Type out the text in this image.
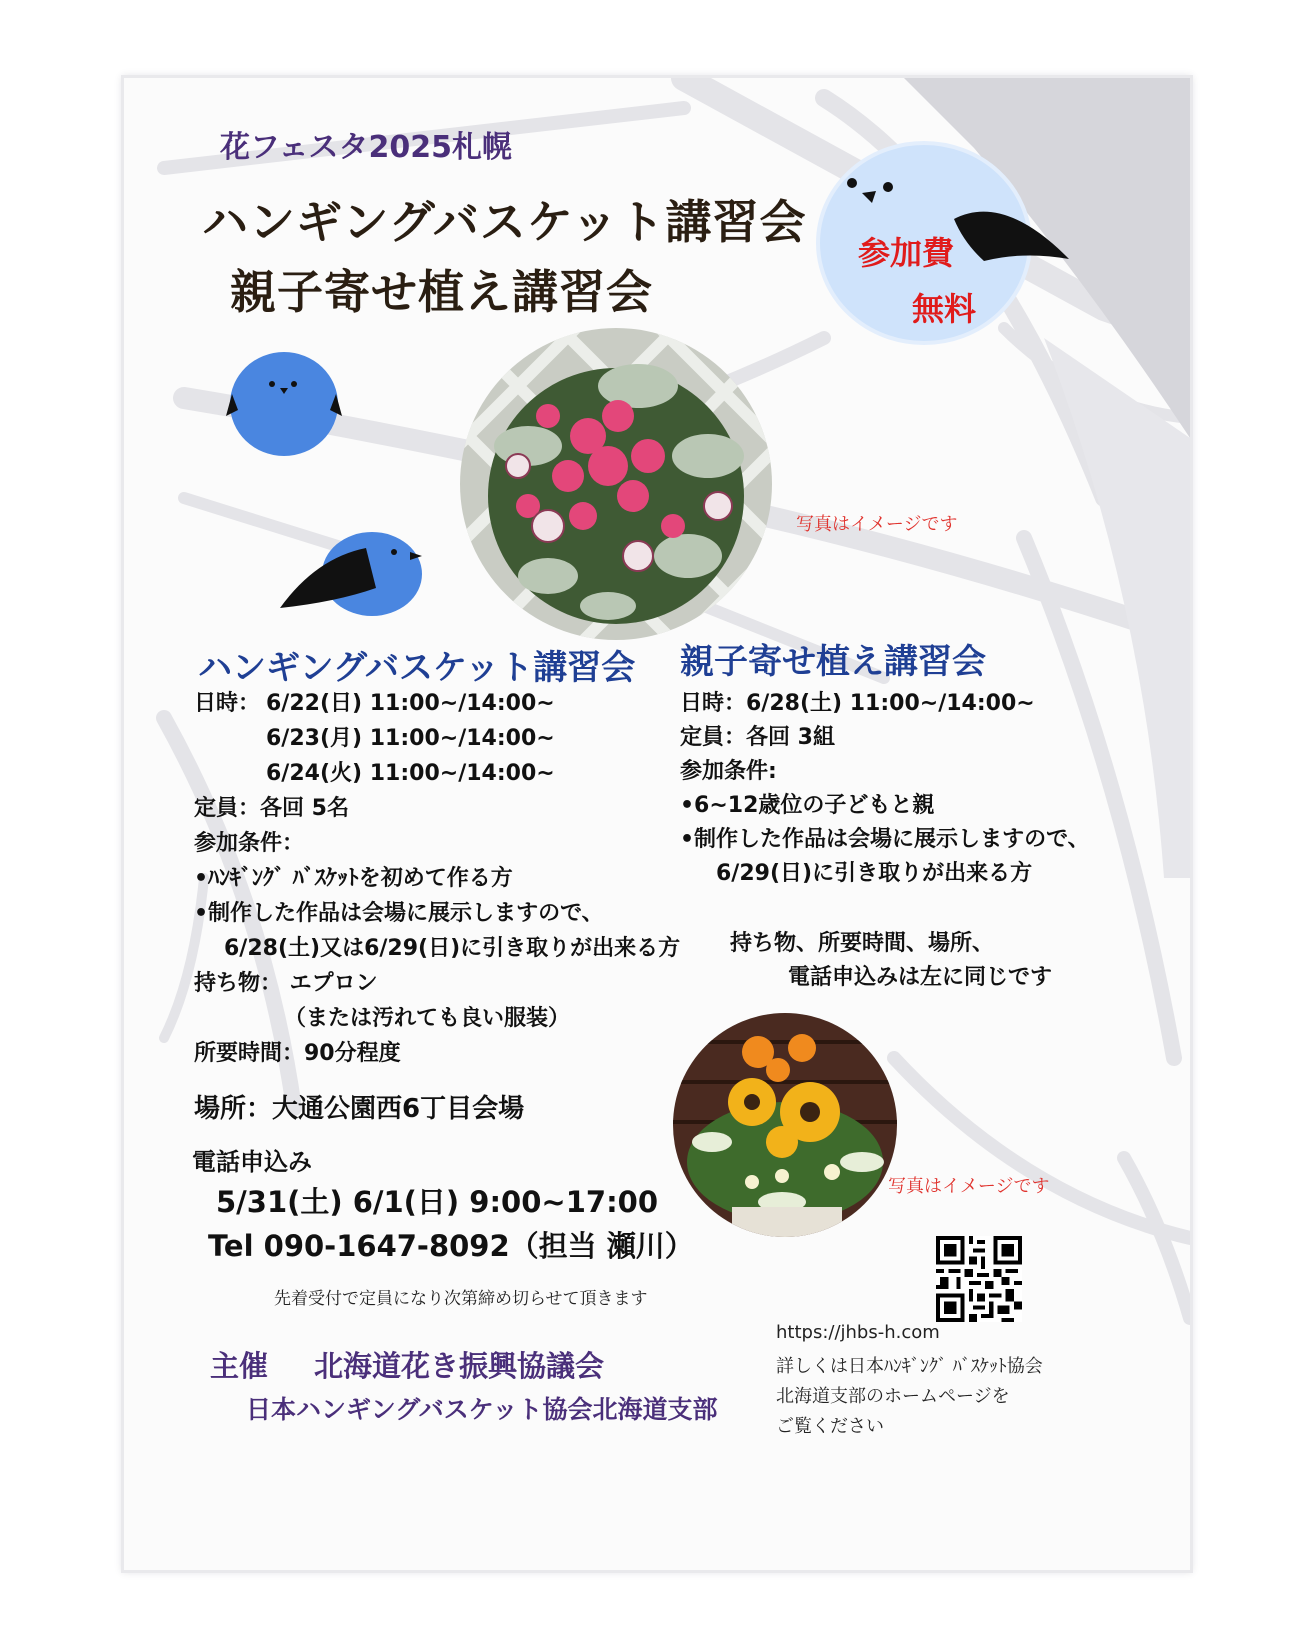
花フェスタ2025札幌
ハンギングバスケット講習会
親子寄せ植え講習会
参加費
無料
写真はイメージです
ハンギングバスケット講習会
日時： 6/22(日) 11:00~/14:00~
6/23(月) 11:00~/14:00~
6/24(火) 11:00~/14:00~
定員：各回 5名
参加条件：
•ﾊﾝｷﾞﾝｸﾞ ﾊﾞｽｹｯﾄを初めて作る方
•制作した作品は会場に展示しますので、
6/28(土)又は6/29(日)に引き取りが出来る方
持ち物： エプロン
（または汚れても良い服装）
所要時間：90分程度
場所：大通公園西6丁目会場
電話申込み
5/31(土) 6/1(日) 9:00~17:00
Tel 090-1647-8092（担当 瀬川）
先着受付で定員になり次第締め切らせて頂きます
親子寄せ植え講習会
日時：6/28(土) 11:00~/14:00~
定員：各回 3組
参加条件:
•6~12歳位の子どもと親
•制作した作品は会場に展示しますので、
6/29(日)に引き取りが出来る方
持ち物、所要時間、場所、
電話申込みは左に同じです
写真はイメージです
主催 北海道花き振興協議会
日本ハンギングバスケット協会北海道支部
https://jhbs-h.com
詳しくは日本ﾊﾝｷﾞﾝｸﾞ ﾊﾞｽｹｯﾄ協会
北海道支部のホームページを
ご覧ください
